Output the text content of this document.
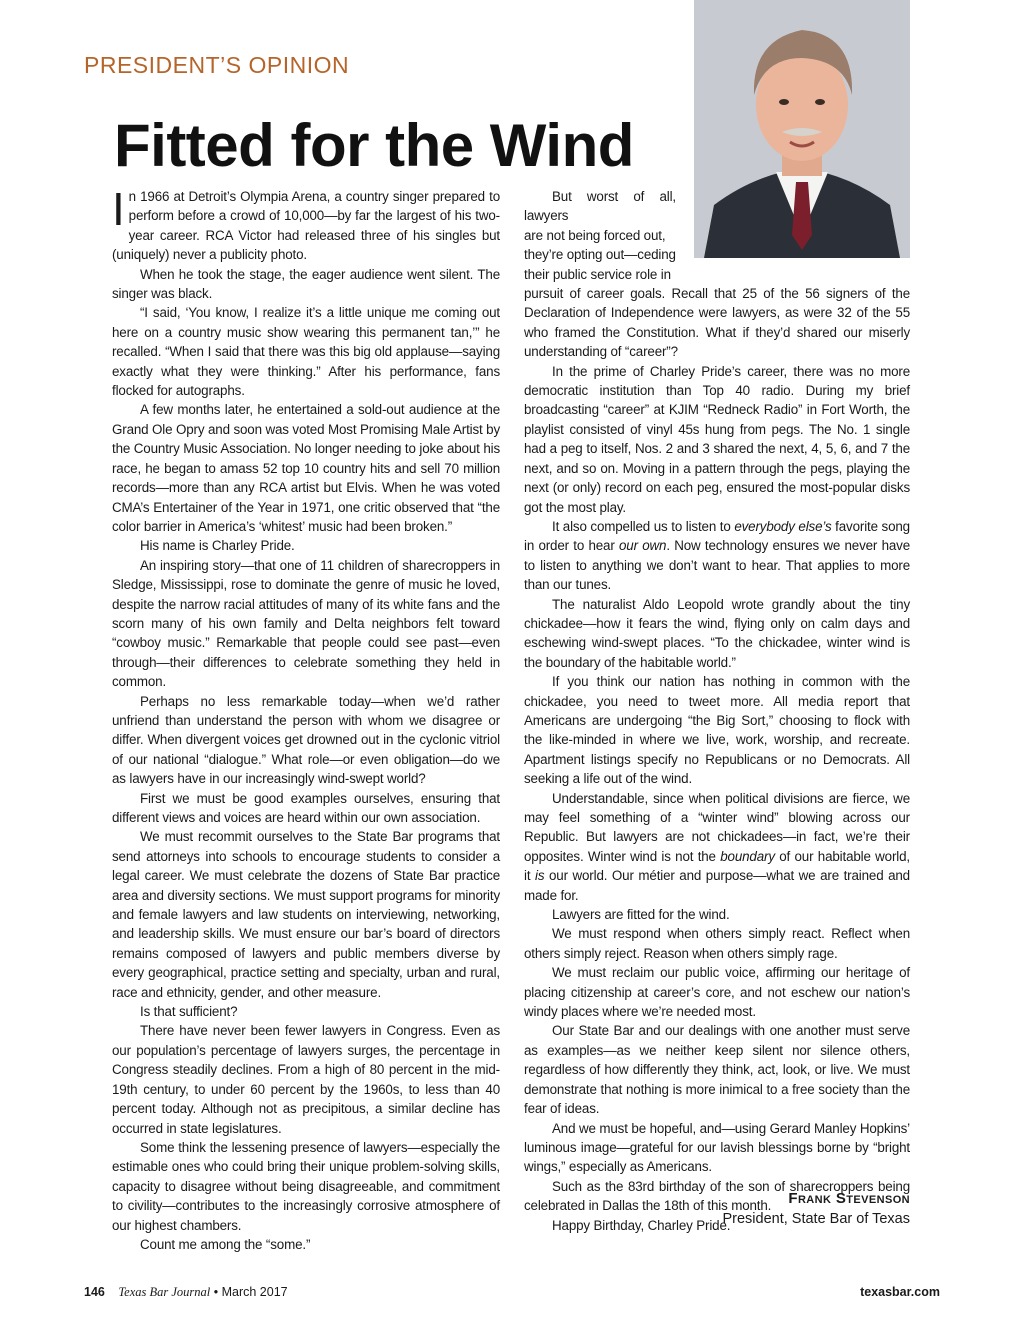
PRESIDENT’S OPINION
Fitted for the Wind

In 1966 at Detroit’s Olympia Arena, a country singer prepared to perform before a crowd of 10,000—by far the largest of his two-year career. RCA Victor had released three of his singles but (uniquely) never a publicity photo.

When he took the stage, the eager audience went silent. The singer was black.

“I said, ‘You know, I realize it’s a little unique me coming out here on a country music show wearing this permanent tan,’” he recalled. “When I said that there was this big old applause—saying exactly what they were thinking.” After his performance, fans flocked for autographs.

A few months later, he entertained a sold-out audience at the Grand Ole Opry and soon was voted Most Promising Male Artist by the Country Music Association. No longer needing to joke about his race, he began to amass 52 top 10 country hits and sell 70 million records—more than any RCA artist but Elvis. When he was voted CMA’s Entertainer of the Year in 1971, one critic observed that “the color barrier in America’s ‘whitest’ music had been broken.”

His name is Charley Pride.

An inspiring story—that one of 11 children of sharecroppers in Sledge, Mississippi, rose to dominate the genre of music he loved, despite the narrow racial attitudes of many of its white fans and the scorn many of his own family and Delta neighbors felt toward “cowboy music.” Remarkable that people could see past—even through—their differences to celebrate something they held in common.

Perhaps no less remarkable today—when we’d rather unfriend than understand the person with whom we disagree or differ. When divergent voices get drowned out in the cyclonic vitriol of our national “dialogue.” What role—or even obligation—do we as lawyers have in our increasingly wind-swept world?

First we must be good examples ourselves, ensuring that different views and voices are heard within our own association.

We must recommit ourselves to the State Bar programs that send attorneys into schools to encourage students to consider a legal career. We must celebrate the dozens of State Bar practice area and diversity sections. We must support programs for minority and female lawyers and law students on interviewing, networking, and leadership skills. We must ensure our bar’s board of directors remains composed of lawyers and public members diverse by every geographical, practice setting and specialty, urban and rural, race and ethnicity, gender, and other measure.

Is that sufficient?

There have never been fewer lawyers in Congress. Even as our population’s percentage of lawyers surges, the percentage in Congress steadily declines. From a high of 80 percent in the mid-19th century, to under 60 percent by the 1960s, to less than 40 percent today. Although not as precipitous, a similar decline has occurred in state legislatures.

Some think the lessening presence of lawyers—especially the estimable ones who could bring their unique problem-solving skills, capacity to disagree without being disagreeable, and commitment to civility—contributes to the increasingly corrosive atmosphere of our highest chambers.

Count me among the “some.”

But worst of all, lawyers
are not being forced out,
they’re opting out—ceding
their public service role in

pursuit of career goals. Recall that 25 of the 56 signers of the Declaration of Independence were lawyers, as were 32 of the 55 who framed the Constitution. What if they’d shared our miserly understanding of “career”?

In the prime of Charley Pride’s career, there was no more democratic institution than Top 40 radio. During my brief broadcasting “career” at KJIM “Redneck Radio” in Fort Worth, the playlist consisted of vinyl 45s hung from pegs. The No. 1 single had a peg to itself, Nos. 2 and 3 shared the next, 4, 5, 6, and 7 the next, and so on. Moving in a pattern through the pegs, playing the next (or only) record on each peg, ensured the most-popular disks got the most play.

It also compelled us to listen to everybody else’s favorite song in order to hear our own. Now technology ensures we never have to listen to anything we don’t want to hear. That applies to more than our tunes.

The naturalist Aldo Leopold wrote grandly about the tiny chickadee—how it fears the wind, flying only on calm days and eschewing wind-swept places. “To the chickadee, winter wind is the boundary of the habitable world.”

If you think our nation has nothing in common with the chickadee, you need to tweet more. All media report that Americans are undergoing “the Big Sort,” choosing to flock with the like-minded in where we live, work, worship, and recreate. Apartment listings specify no Republicans or no Democrats. All seeking a life out of the wind.

Understandable, since when political divisions are fierce, we may feel something of a “winter wind” blowing across our Republic. But lawyers are not chickadees—in fact, we’re their opposites. Winter wind is not the boundary of our habitable world, it is our world. Our métier and purpose—what we are trained and made for.

Lawyers are fitted for the wind.

We must respond when others simply react. Reflect when others simply reject. Reason when others simply rage.

We must reclaim our public voice, affirming our heritage of placing citizenship at career’s core, and not eschew our nation’s windy places where we’re needed most.

Our State Bar and our dealings with one another must serve as examples—as we neither keep silent nor silence others, regardless of how differently they think, act, look, or live. We must demonstrate that nothing is more inimical to a free society than the fear of ideas.

And we must be hopeful, and—using Gerard Manley Hopkins’ luminous image—grateful for our lavish blessings borne by “bright wings,” especially as Americans.

Such as the 83rd birthday of the son of sharecroppers being celebrated in Dallas the 18th of this month.

Happy Birthday, Charley Pride.

Frank Stevenson
President, State Bar of Texas
146 Texas Bar Journal • March 2017	texasbar.com
